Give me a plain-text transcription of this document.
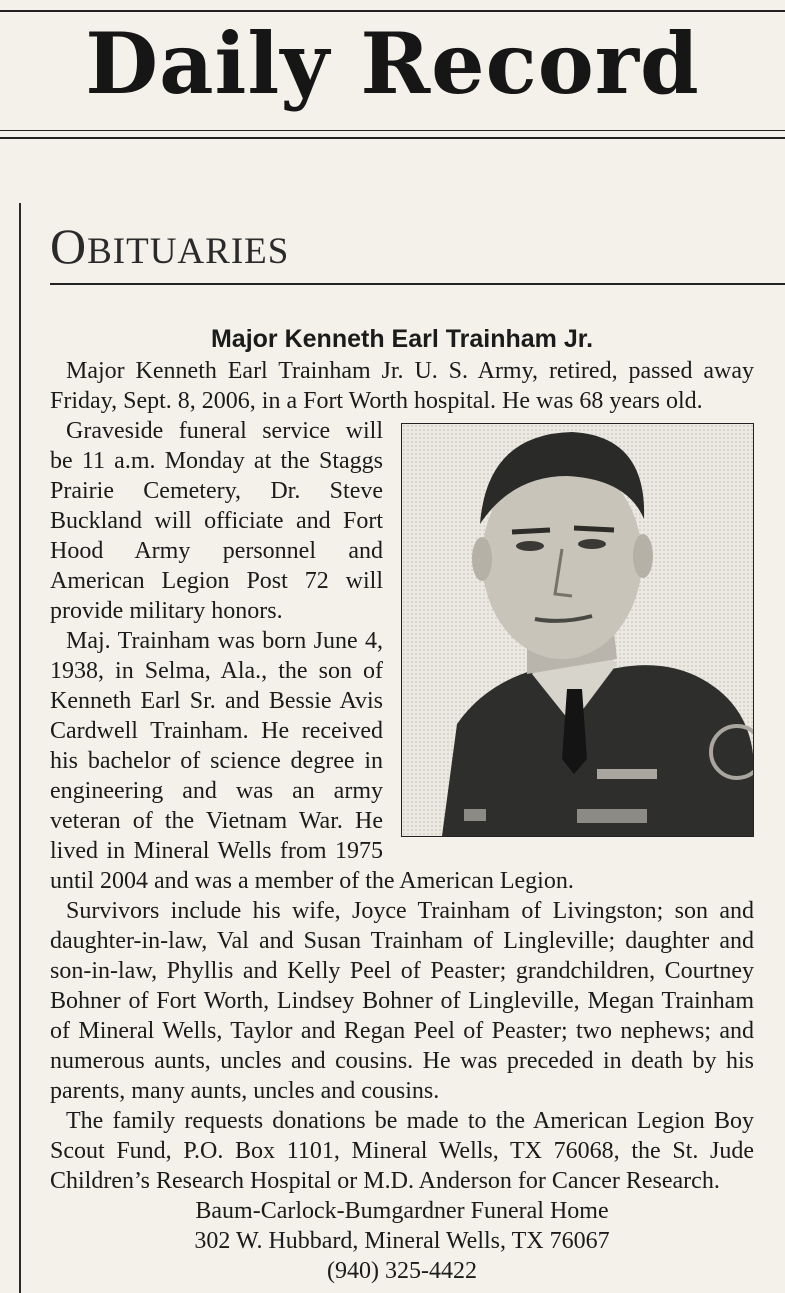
Daily Record
OBITUARIES
Major Kenneth Earl Trainham Jr.

Major Kenneth Earl Trainham Jr. U. S. Army, retired, passed away Friday, Sept. 8, 2006, in a Fort Worth hospital. He was 68 years old.

Graveside funeral service will be 11 a.m. Monday at the Staggs Prairie Cemetery, Dr. Steve Buckland will officiate and Fort Hood Army personnel and American Legion Post 72 will provide military honors.

Maj. Trainham was born June 4, 1938, in Selma, Ala., the son of Kenneth Earl Sr. and Bessie Avis Cardwell Trainham. He received his bachelor of science degree in engineering and was an army veteran of the Vietnam War. He lived in Mineral Wells from 1975 until 2004 and was a member of the American Legion.

Survivors include his wife, Joyce Trainham of Livingston; son and daughter-in-law, Val and Susan Trainham of Lingleville; daughter and son-in-law, Phyllis and Kelly Peel of Peaster; grandchildren, Courtney Bohner of Fort Worth, Lindsey Bohner of Lingleville, Megan Trainham of Mineral Wells, Taylor and Regan Peel of Peaster; two nephews; and numerous aunts, uncles and cousins. He was preceded in death by his parents, many aunts, uncles and cousins.

The family requests donations be made to the American Legion Boy Scout Fund, P.O. Box 1101, Mineral Wells, TX 76068, the St. Jude Children’s Research Hospital or M.D. Anderson for Cancer Research.

Baum-Carlock-Bumgardner Funeral Home

302 W. Hubbard, Mineral Wells, TX 76067

(940) 325-4422
